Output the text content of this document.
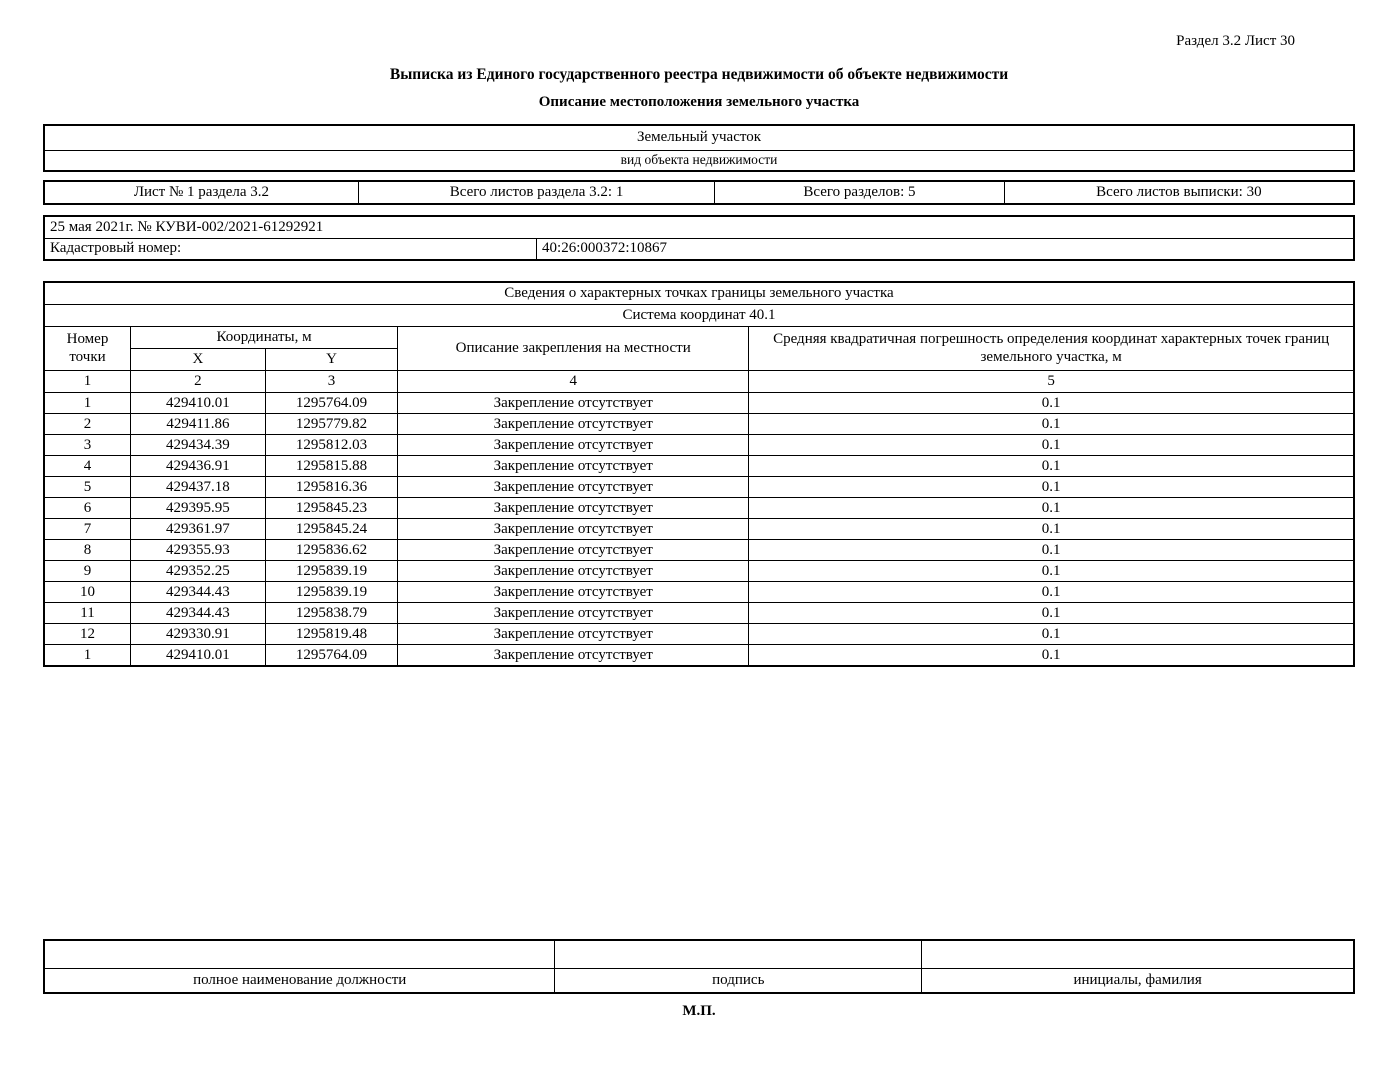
Раздел 3.2 Лист 30
Выписка из Единого государственного реестра недвижимости об объекте недвижимости
Описание местоположения земельного участка
Земельный участок
вид объекта недвижимости
Лист № 1 раздела 3.2	Всего листов раздела 3.2: 1	Всего разделов: 5	Всего листов выписки: 30
25 мая 2021г. № КУВИ-002/2021-61292921
Кадастровый номер:	40:26:000372:10867
Сведения о характерных точках границы земельного участка				
Система координат 40.1				
Номер точки	Координаты, м		Описание закрепления на местности	Средняя квадратичная погрешность определения координат характерных точек границ земельного участка, м
	X	Y		
1	2	3	4	5
1	429410.01	1295764.09	Закрепление отсутствует	0.1
2	429411.86	1295779.82	Закрепление отсутствует	0.1
3	429434.39	1295812.03	Закрепление отсутствует	0.1
4	429436.91	1295815.88	Закрепление отсутствует	0.1
5	429437.18	1295816.36	Закрепление отсутствует	0.1
6	429395.95	1295845.23	Закрепление отсутствует	0.1
7	429361.97	1295845.24	Закрепление отсутствует	0.1
8	429355.93	1295836.62	Закрепление отсутствует	0.1
9	429352.25	1295839.19	Закрепление отсутствует	0.1
10	429344.43	1295839.19	Закрепление отсутствует	0.1
11	429344.43	1295838.79	Закрепление отсутствует	0.1
12	429330.91	1295819.48	Закрепление отсутствует	0.1
1	429410.01	1295764.09	Закрепление отсутствует	0.1

полное наименование должности	подпись	инициалы, фамилия
М.П.
